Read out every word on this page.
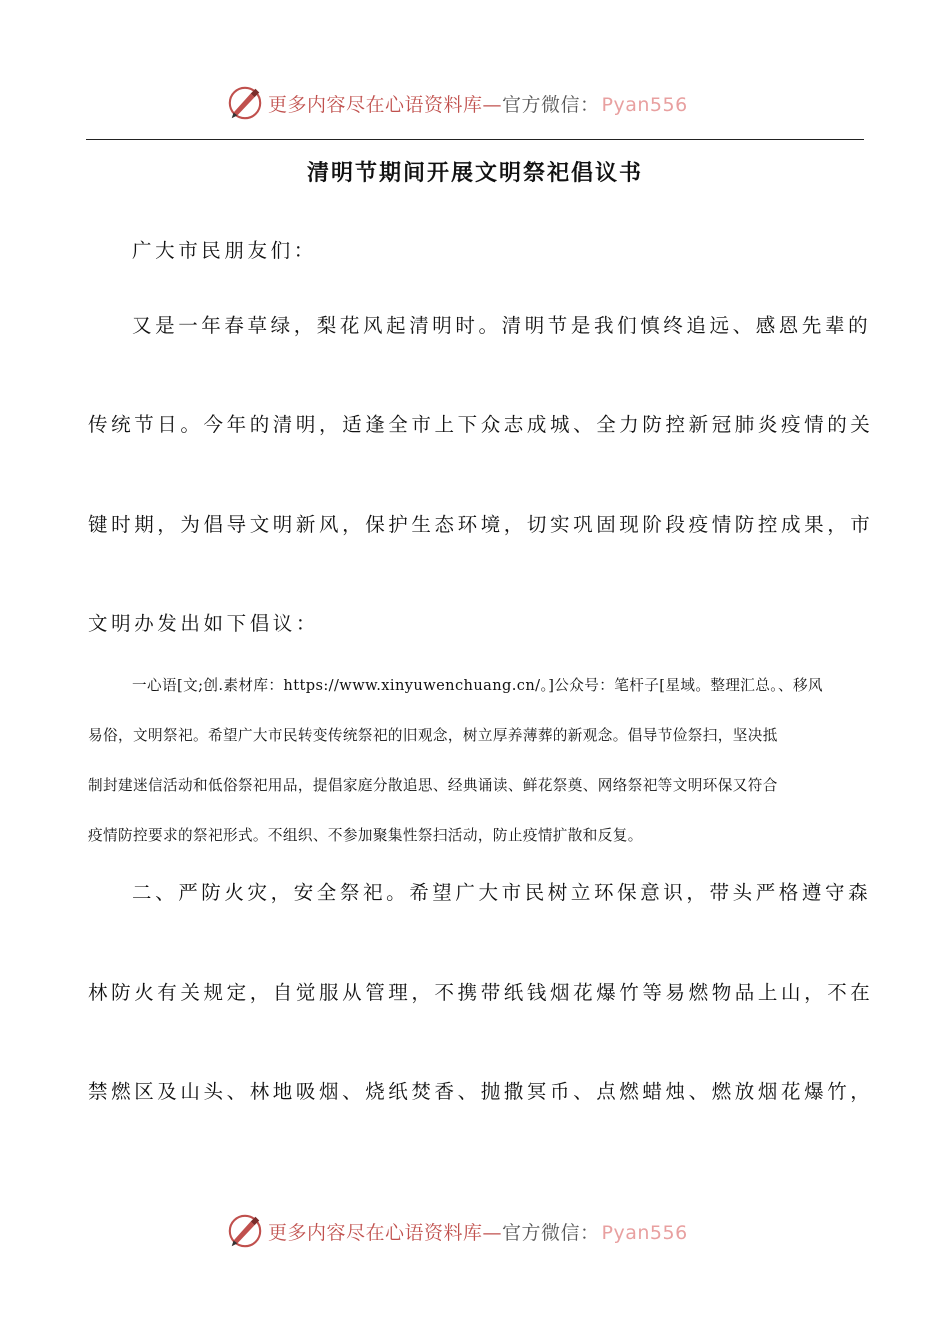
更多内容尽在心语资料库—官方微信： Pyan556
清明节期间开展文明祭祀倡议书
广大市民朋友们：
又是一年春草绿，梨花风起清明时。清明节是我们慎终追远、感恩先辈的
传统节日。今年的清明，适逢全市上下众志成城、全力防控新冠肺炎疫情的关
键时期，为倡导文明新风，保护生态环境，切实巩固现阶段疫情防控成果，市
文明办发出如下倡议：
一心语[文;创.素材库：https://www.xinyuwenchuang.cn/。]公众号：笔杆子[星域。整理汇总。、移风
易俗，文明祭祀。希望广大市民转变传统祭祀的旧观念，树立厚养薄葬的新观念。倡导节俭祭扫，坚决抵
制封建迷信活动和低俗祭祀用品，提倡家庭分散追思、经典诵读、鲜花祭奠、网络祭祀等文明环保又符合
疫情防控要求的祭祀形式。不组织、不参加聚集性祭扫活动，防止疫情扩散和反复。
二、严防火灾，安全祭祀。希望广大市民树立环保意识，带头严格遵守森
林防火有关规定，自觉服从管理，不携带纸钱烟花爆竹等易燃物品上山，不在
禁燃区及山头、林地吸烟、烧纸焚香、抛撒冥币、点燃蜡烛、燃放烟花爆竹，
更多内容尽在心语资料库—官方微信： Pyan556
